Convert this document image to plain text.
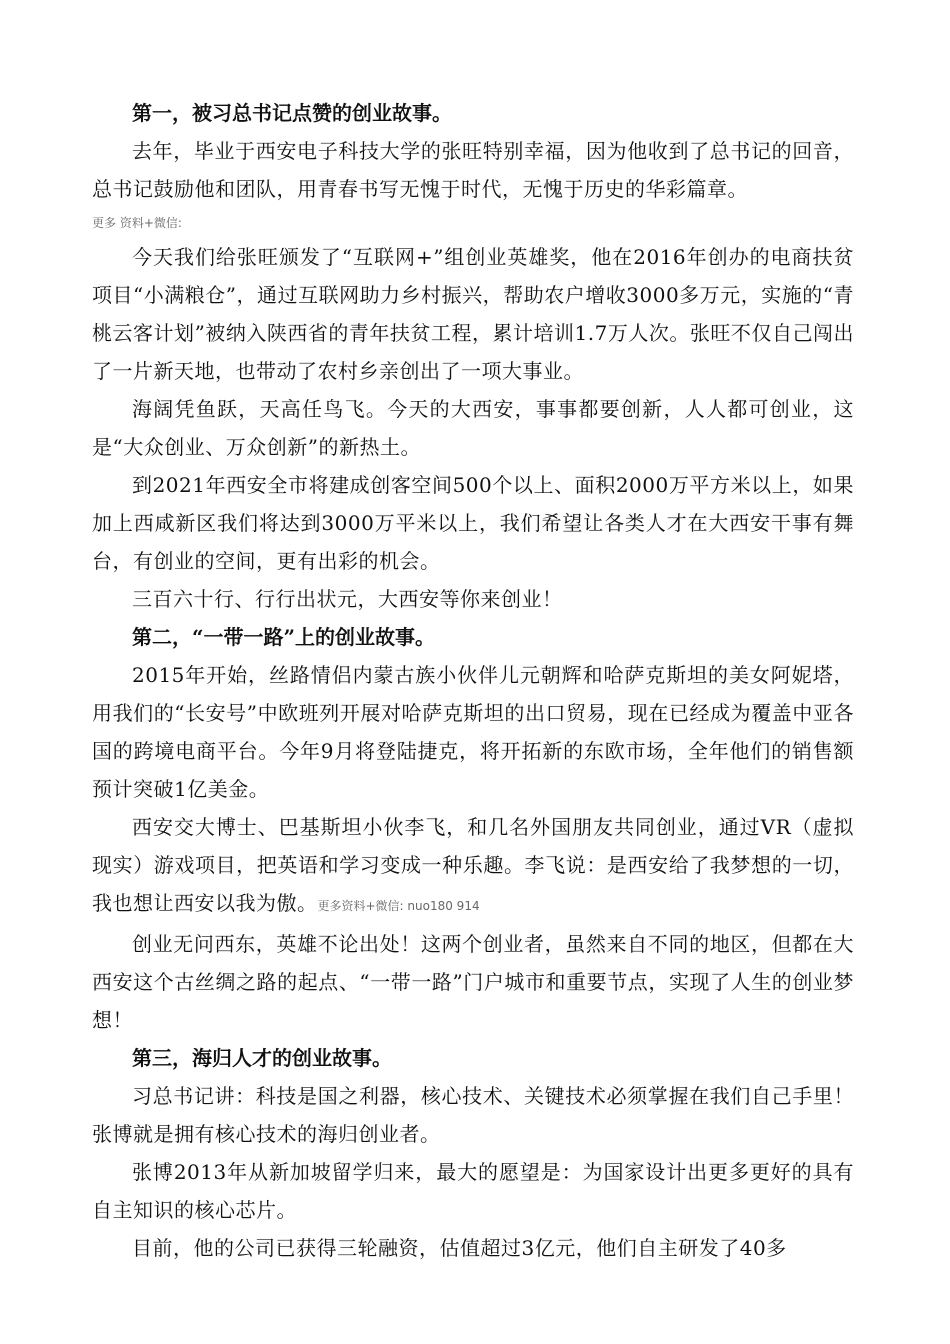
第一，被习总书记点赞的创业故事。

去年，毕业于西安电子科技大学的张旺特别幸福，因为他收到了总书记的回音，总书记鼓励他和团队，用青春书写无愧于时代，无愧于历史的华彩篇章。

更多 资料+微信:

今天我们给张旺颁发了“互联网+”组创业英雄奖，他在2016年创办的电商扶贫项目“小满粮仓”，通过互联网助力乡村振兴，帮助农户增收3000多万元，实施的“青桃云客计划”被纳入陕西省的青年扶贫工程，累计培训1.7万人次。张旺不仅自己闯出了一片新天地，也带动了农村乡亲创出了一项大事业。

海阔凭鱼跃，天高任鸟飞。今天的大西安，事事都要创新，人人都可创业，这是“大众创业、万众创新”的新热土。

到2021年西安全市将建成创客空间500个以上、面积2000万平方米以上，如果加上西咸新区我们将达到3000万平米以上，我们希望让各类人才在大西安干事有舞台，有创业的空间，更有出彩的机会。

三百六十行、行行出状元，大西安等你来创业！

第二，“一带一路”上的创业故事。

2015年开始，丝路情侣内蒙古族小伙伴儿元朝辉和哈萨克斯坦的美女阿妮塔，用我们的“长安号”中欧班列开展对哈萨克斯坦的出口贸易，现在已经成为覆盖中亚各国的跨境电商平台。今年9月将登陆捷克，将开拓新的东欧市场，全年他们的销售额预计突破1亿美金。

西安交大博士、巴基斯坦小伙李飞，和几名外国朋友共同创业，通过VR（虚拟现实）游戏项目，把英语和学习变成一种乐趣。李飞说：是西安给了我梦想的一切，我也想让西安以我为傲。更多资料+微信: nuo180 914

创业无问西东，英雄不论出处！这两个创业者，虽然来自不同的地区，但都在大西安这个古丝绸之路的起点、“一带一路”门户城市和重要节点，实现了人生的创业梦想！

第三，海归人才的创业故事。

习总书记讲：科技是国之利器，核心技术、关键技术必须掌握在我们自己手里！张博就是拥有核心技术的海归创业者。

张博2013年从新加坡留学归来，最大的愿望是：为国家设计出更多更好的具有自主知识的核心芯片。

目前，他的公司已获得三轮融资，估值超过3亿元，他们自主研发了40多
